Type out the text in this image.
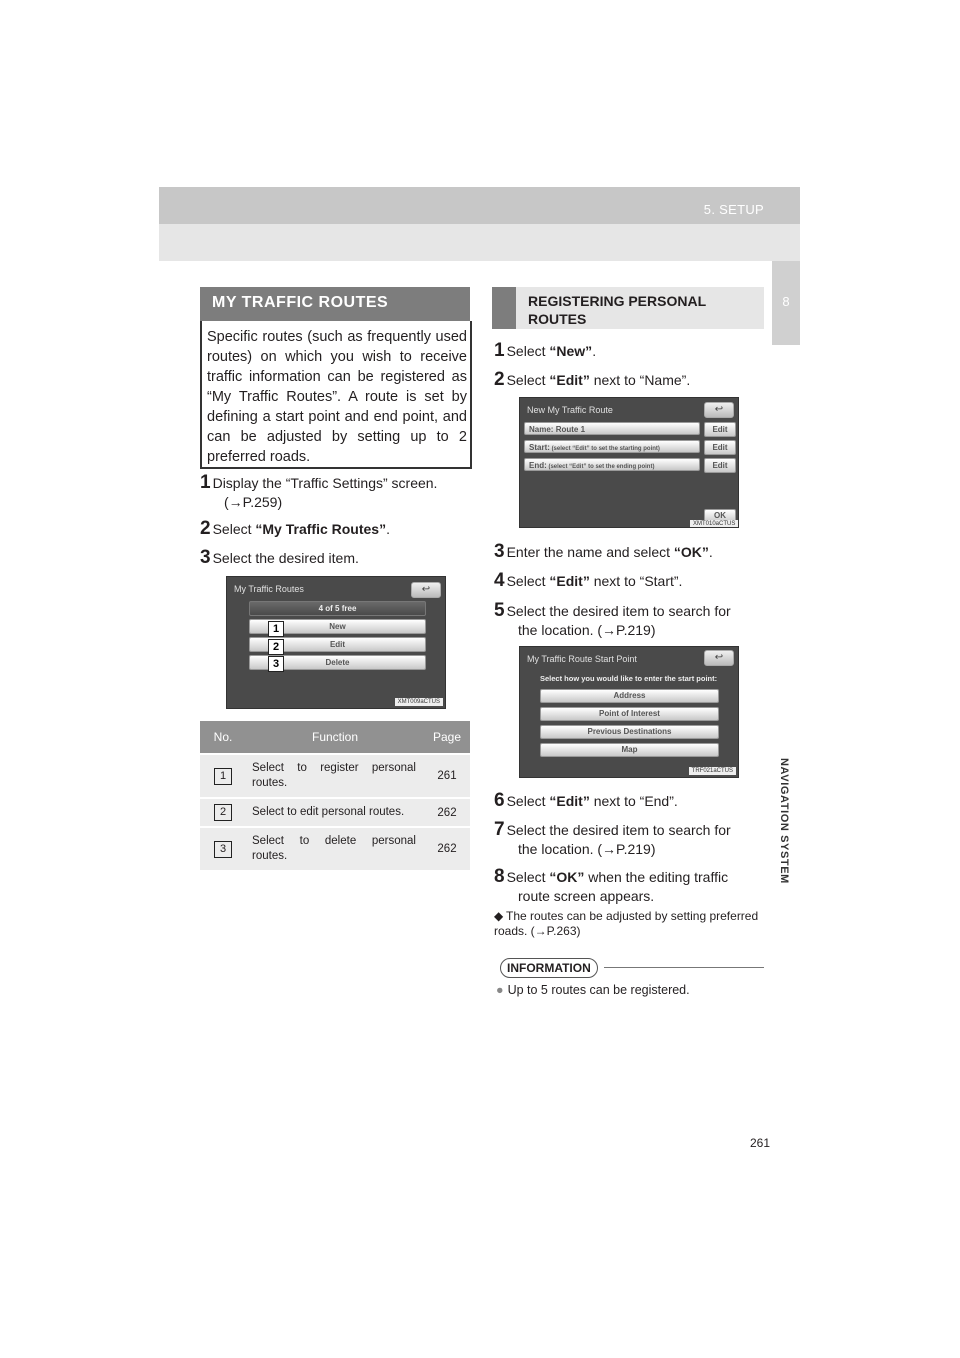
5. SETUP
8
NAVIGATION SYSTEM
MY TRAFFIC ROUTES
Specific routes (such as frequently used routes) on which you wish to receive traffic information can be registered as “My Traffic Routes”. A route is set by defining a start point and end point, and can be adjusted by setting up to 2 preferred roads.
1 Display the “Traffic Settings” screen.
(→P.259)
2 Select “My Traffic Routes”.
3 Select the desired item.
My Traffic Routes	↩
4 of 5 free
New
Edit
Delete
1
2
3
XMT009aCTUS
No.	Function	Page
1	Select to register personal routes.	261
2	Select to edit personal routes.	262
3	Select to delete personal routes.	262
REGISTERING PERSONAL ROUTES
1 Select “New”.
2 Select “Edit” next to “Name”.
New My Traffic Route	↩
Name: Route 1	Edit
Start: (select “Edit” to set the starting point)	Edit
End: (select “Edit” to set the ending point)	Edit
OK
XMT010aCTUS
3 Enter the name and select “OK”.
4 Select “Edit” next to “Start”.
5 Select the desired item to search for
the location. (→P.219)
My Traffic Route Start Point	↩
Select how you would like to enter the start point:
Address
Point of Interest
Previous Destinations
Map
TRF021aCTUS
6 Select “Edit” next to “End”.
7 Select the desired item to search for
the location. (→P.219)
8 Select “OK” when the editing traffic
route screen appears.
◆ The routes can be adjusted by setting preferred roads. (→P.263)
INFORMATION
● Up to 5 routes can be registered.
261
